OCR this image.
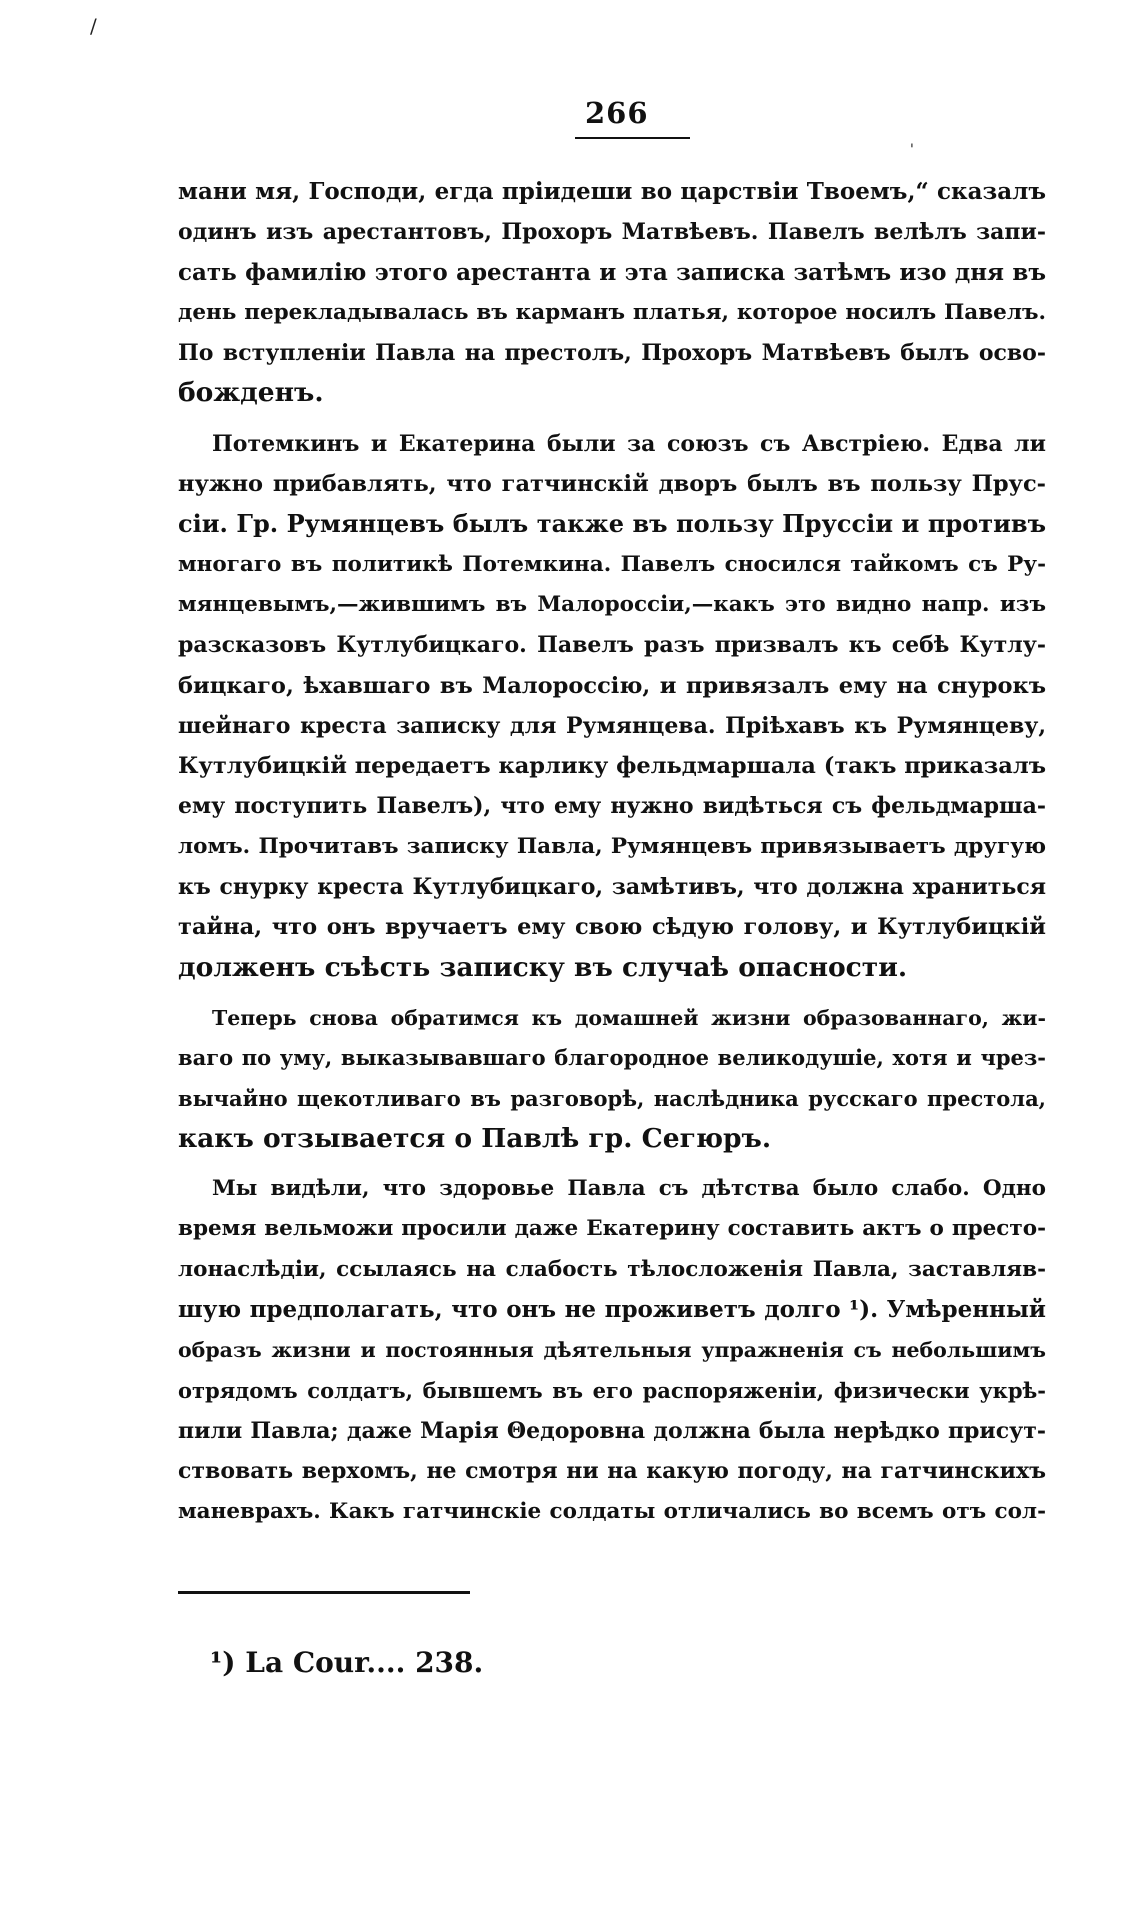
/
266
'
мани мя, Господи, егда пріидеши во царствіи Твоемъ,“ сказалъ
одинъ изъ арестантовъ, Прохоръ Матвѣевъ. Павелъ велѣлъ запи-
сать фамилію этого арестанта и эта записка затѣмъ изо дня въ
день перекладывалась въ карманъ платья, которое носилъ Павелъ.
По вступленіи Павла на престолъ, Прохоръ Матвѣевъ былъ осво-
божденъ.
Потемкинъ и Екатерина были за союзъ съ Австріею. Едва ли
нужно прибавлять, что гатчинскій дворъ былъ въ пользу Прус-
сіи. Гр. Румянцевъ былъ также въ пользу Пруссіи и противъ
многаго въ политикѣ Потемкина. Павелъ сносился тайкомъ съ Ру-
мянцевымъ,—жившимъ въ Малороссіи,—какъ это видно напр. изъ
разсказовъ Кутлубицкаго. Павелъ разъ призвалъ къ себѣ Кутлу-
бицкаго, ѣхавшаго въ Малороссію, и привязалъ ему на снурокъ
шейнаго креста записку для Румянцева. Пріѣхавъ къ Румянцеву,
Кутлубицкій передаетъ карлику фельдмаршала (такъ приказалъ
ему поступить Павелъ), что ему нужно видѣться съ фельдмарша-
ломъ. Прочитавъ записку Павла, Румянцевъ привязываетъ другую
къ снурку креста Кутлубицкаго, замѣтивъ, что должна храниться
тайна, что онъ вручаетъ ему свою сѣдую голову, и Кутлубицкій
долженъ съѣсть записку въ случаѣ опасности.
Теперь снова обратимся къ домашней жизни образованнаго, жи-
ваго по уму, выказывавшаго благородное великодушіе, хотя и чрез-
вычайно щекотливаго въ разговорѣ, наслѣдника русскаго престола,
какъ отзывается о Павлѣ гр. Сегюръ.
Мы видѣли, что здоровье Павла съ дѣтства было слабо. Одно
время вельможи просили даже Екатерину составить актъ о престо-
лонаслѣдіи, ссылаясь на слабость тѣлосложенія Павла, заставляв-
шую предполагать, что онъ не проживетъ долго ¹). Умѣренный
образъ жизни и постоянныя дѣятельныя упражненія съ небольшимъ
отрядомъ солдатъ, бывшемъ въ его распоряженіи, физически укрѣ-
пили Павла; даже Марія Θедоровна должна была нерѣдко присут-
ствовать верхомъ, не смотря ни на какую погоду, на гатчинскихъ
маневрахъ. Какъ гатчинскіе солдаты отличались во всемъ отъ сол-
¹) La Cour.... 238.
